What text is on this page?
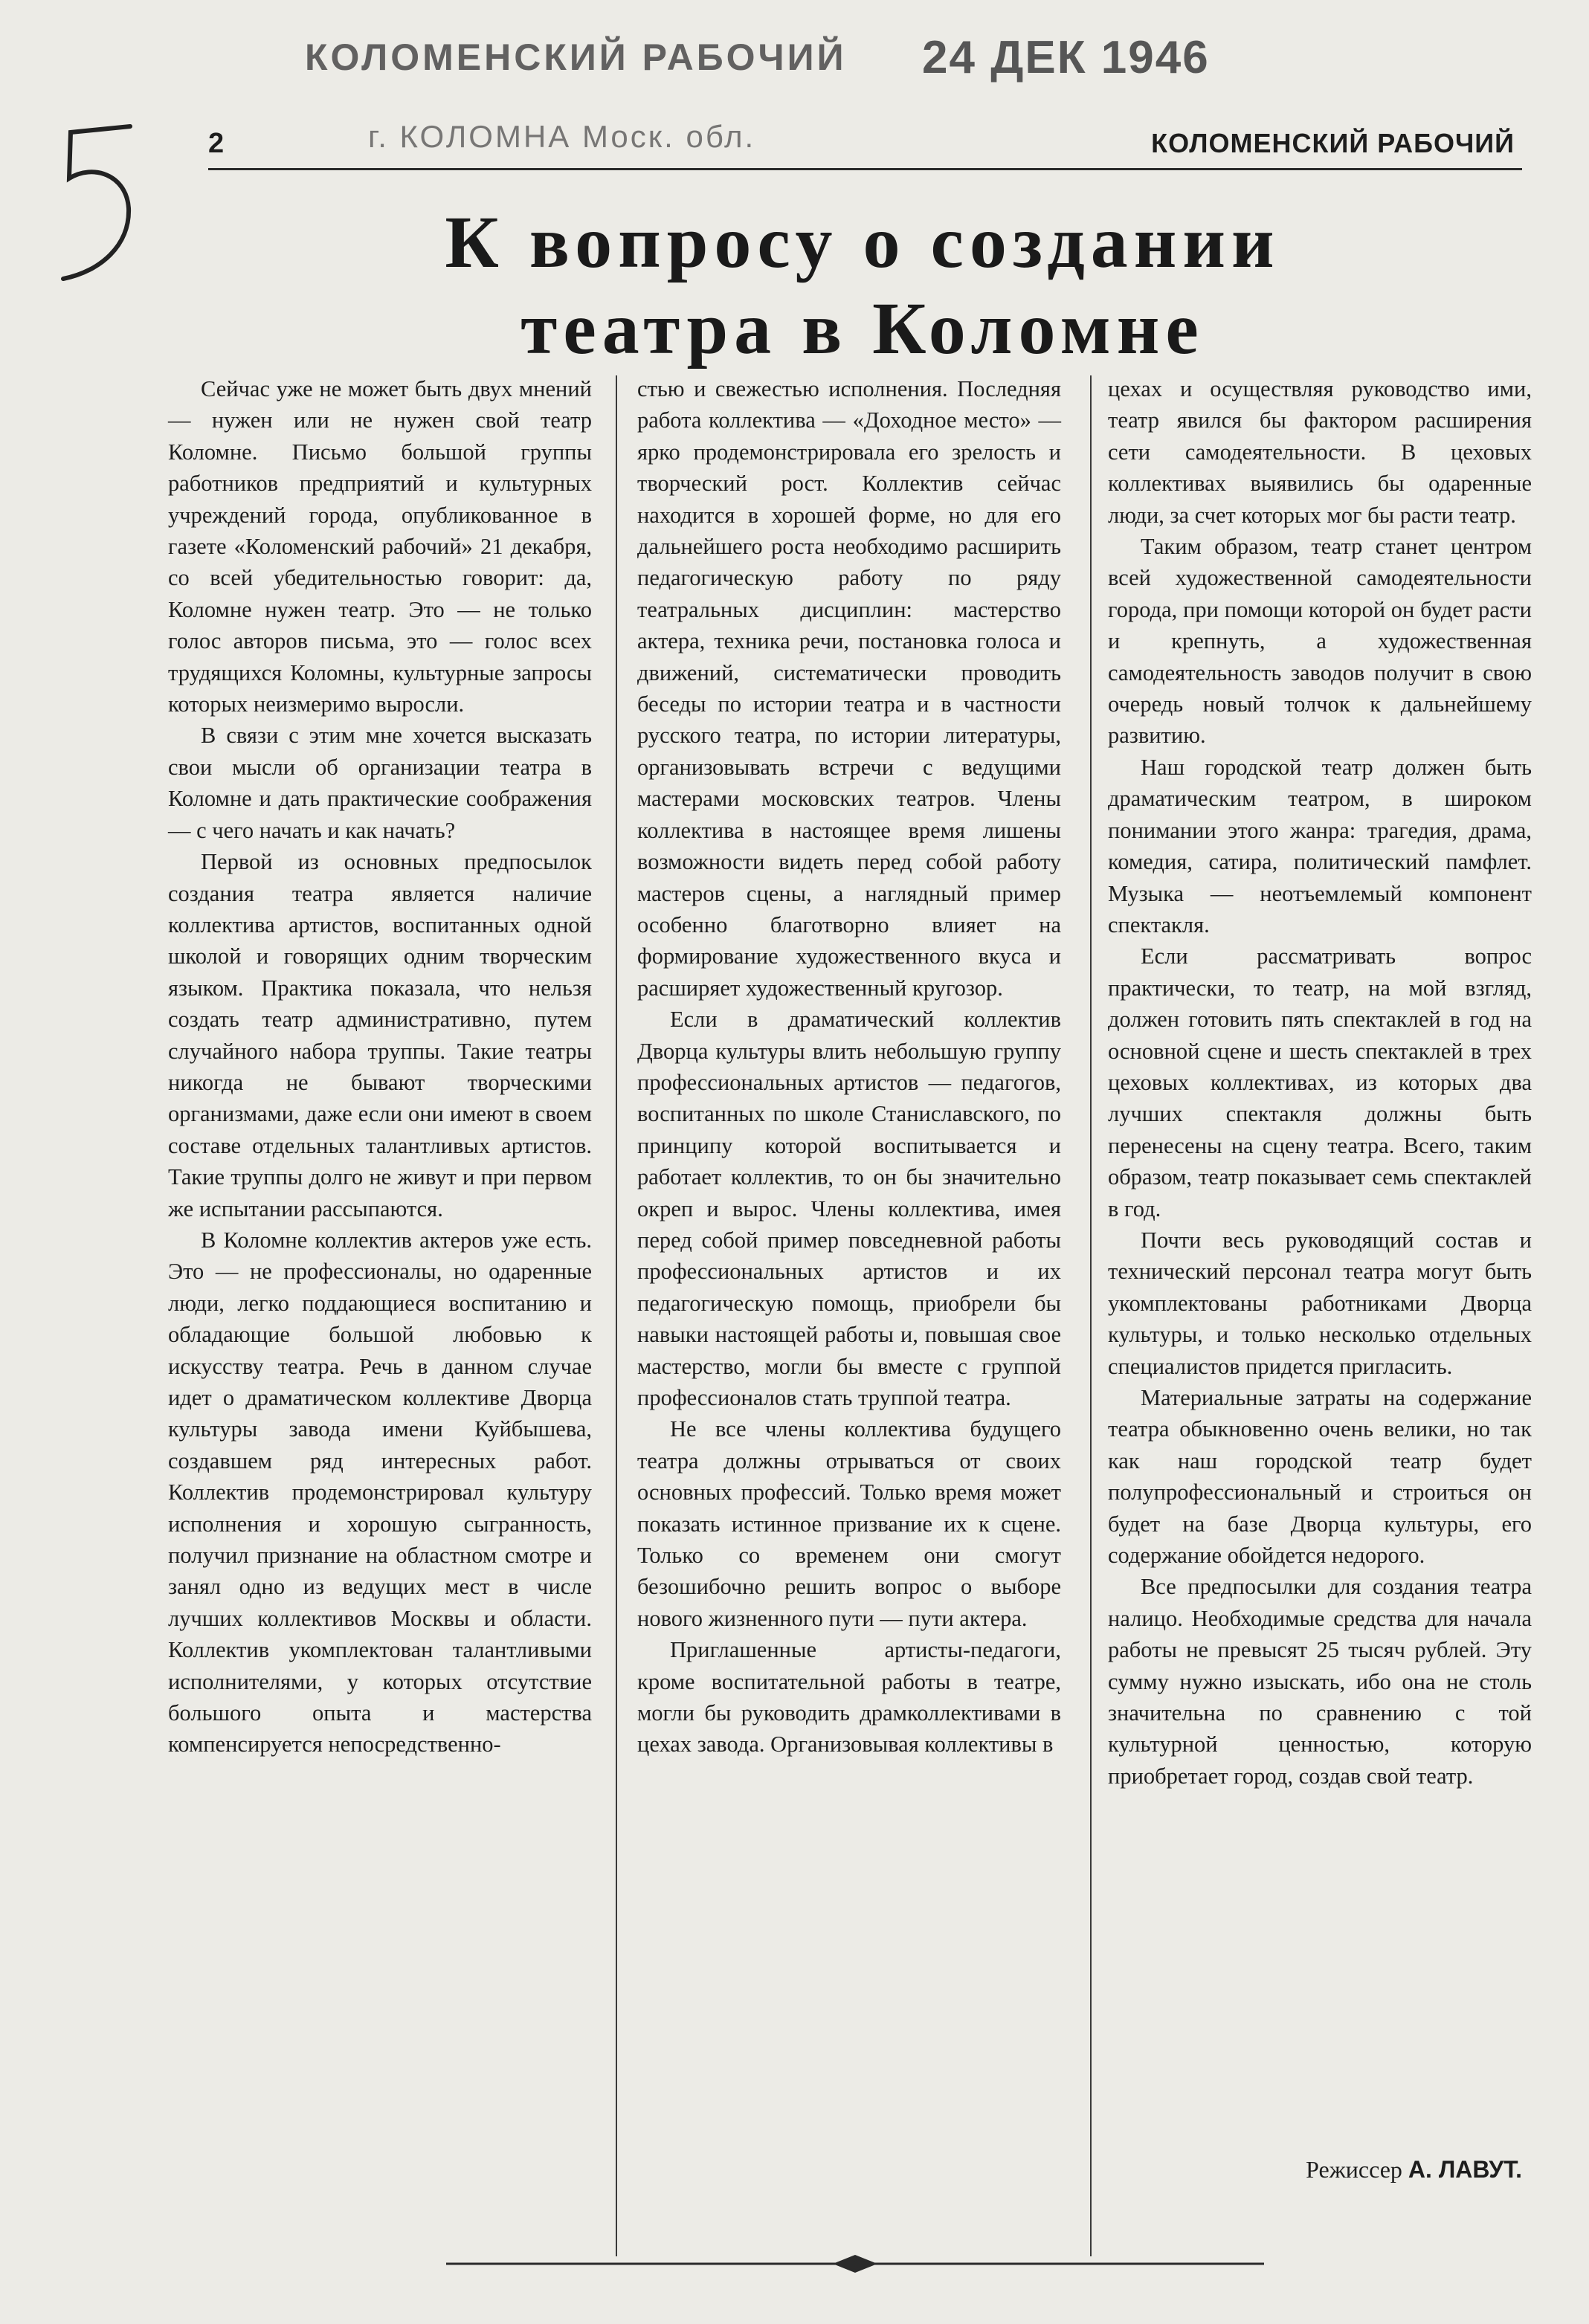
КОЛОМЕНСКИЙ РАБОЧИЙ 24 ДЕК 1946
г. КОЛОМНА Моск. обл.
2	КОЛОМЕНСКИЙ РАБОЧИЙ
К вопросу о создании
театра в Коломне

Сейчас уже не может быть двух мнений — нужен или не нужен свой театр Коломне. Письмо большой группы работников предприятий и культурных учреждений города, опубликованное в газете «Коломенский рабочий» 21 декабря, со всей убедительностью говорит: да, Коломне нужен театр. Это — не только голос авторов письма, это — голос всех трудящихся Коломны, культурные запросы которых неизмеримо выросли.

В связи с этим мне хочется высказать свои мысли об организации театра в Коломне и дать практические соображения — с чего начать и как начать?

Первой из основных предпосылок создания театра является наличие коллектива артистов, воспитанных одной школой и говорящих одним творческим языком. Практика показала, что нельзя создать театр административно, путем случайного набора труппы. Такие театры никогда не бывают творческими организмами, даже если они имеют в своем составе отдельных талантливых артистов. Такие труппы долго не живут и при первом же испытании рассыпаются.

В Коломне коллектив актеров уже есть. Это — не профессионалы, но одаренные люди, легко поддающиеся воспитанию и обладающие большой любовью к искусству театра. Речь в данном случае идет о драматическом коллективе Дворца культуры завода имени Куйбышева, создавшем ряд интересных работ. Коллектив продемонстрировал культуру исполнения и хорошую сыгранность, получил признание на областном смотре и занял одно из ведущих мест в числе лучших коллективов Москвы и области. Коллектив укомплектован талантливыми исполнителями, у которых отсутствие большого опыта и мастерства компенсируется непосредственно-

стью и свежестью исполнения. Последняя работа коллектива — «Доходное место» — ярко продемонстрировала его зрелость и творческий рост. Коллектив сейчас находится в хорошей форме, но для его дальнейшего роста необходимо расширить педагогическую работу по ряду театральных дисциплин: мастерство актера, техника речи, постановка голоса и движений, систематически проводить беседы по истории театра и в частности русского театра, по истории литературы, организовывать встречи с ведущими мастерами московских театров. Члены коллектива в настоящее время лишены возможности видеть перед собой работу мастеров сцены, а наглядный пример особенно благотворно влияет на формирование художественного вкуса и расширяет художественный кругозор.

Если в драматический коллектив Дворца культуры влить небольшую группу профессиональных артистов — педагогов, воспитанных по школе Станиславского, по принципу которой воспитывается и работает коллектив, то он бы значительно окреп и вырос. Члены коллектива, имея перед собой пример повседневной работы профессиональных артистов и их педагогическую помощь, приобрели бы навыки настоящей работы и, повышая свое мастерство, могли бы вместе с группой профессионалов стать труппой театра.

Не все члены коллектива будущего театра должны отрываться от своих основных профессий. Только время может показать истинное призвание их к сцене. Только со временем они смогут безошибочно решить вопрос о выборе нового жизненного пути — пути актера.

Приглашенные артисты-педагоги, кроме воспитательной работы в театре, могли бы руководить драмколлективами в цехах завода. Организовывая коллективы в

цехах и осуществляя руководство ими, театр явился бы фактором расширения сети самодеятельности. В цеховых коллективах выявились бы одаренные люди, за счет которых мог бы расти театр.

Таким образом, театр станет центром всей художественной самодеятельности города, при помощи которой он будет расти и крепнуть, а художественная самодеятельность заводов получит в свою очередь новый толчок к дальнейшему развитию.

Наш городской театр должен быть драматическим театром, в широком понимании этого жанра: трагедия, драма, комедия, сатира, политический памфлет. Музыка — неотъемлемый компонент спектакля.

Если рассматривать вопрос практически, то театр, на мой взгляд, должен готовить пять спектаклей в год на основной сцене и шесть спектаклей в трех цеховых коллективах, из которых два лучших спектакля должны быть перенесены на сцену театра. Всего, таким образом, театр показывает семь спектаклей в год.

Почти весь руководящий состав и технический персонал театра могут быть укомплектованы работниками Дворца культуры, и только несколько отдельных специалистов придется пригласить.

Материальные затраты на содержание театра обыкновенно очень велики, но так как наш городской театр будет полупрофессиональный и строиться он будет на базе Дворца культуры, его содержание обойдется недорого.

Все предпосылки для создания театра налицо. Необходимые средства для начала работы не превысят 25 тысяч рублей. Эту сумму нужно изыскать, ибо она не столь значительна по сравнению с той культурной ценностью, которую приобретает город, создав свой театр.

Режиссер А. ЛАВУТ.
